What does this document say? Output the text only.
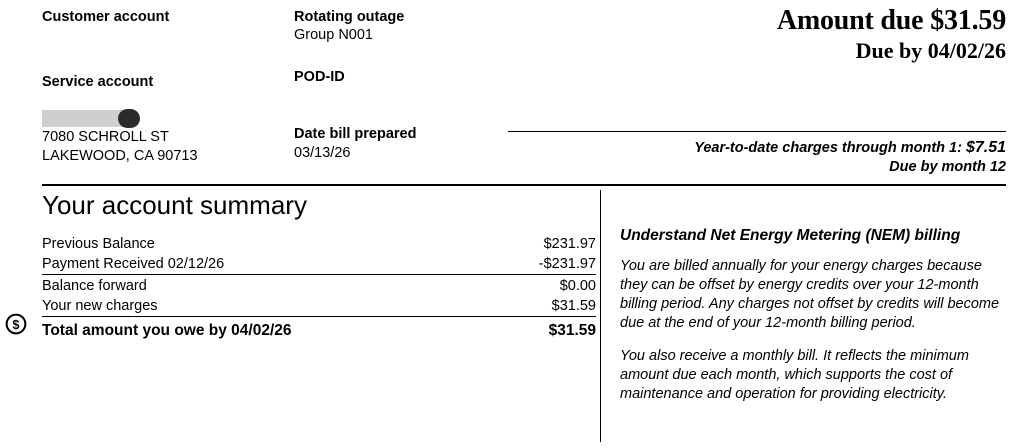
Customer account
Service account
7080 SCHROLL ST
LAKEWOOD, CA 90713
Rotating outage
Group N001
POD-ID
Date bill prepared
03/13/26
Amount due $31.59
Due by 04/02/26
Year-to-date charges through month 1: $7.51
Due by month 12
Your account summary
$
Previous Balance	$231.97
Payment Received 02/12/26	-$231.97
Balance forward	$0.00
Your new charges	$31.59
Total amount you owe by 04/02/26	$31.59
Understand Net Energy Metering (NEM) billing

You are billed annually for your energy charges because they can be offset by energy credits over your 12-month billing period. Any charges not offset by credits will become due at the end of your 12-month billing period.

You also receive a monthly bill. It reflects the minimum amount due each month, which supports the cost of maintenance and operation for providing electricity.
